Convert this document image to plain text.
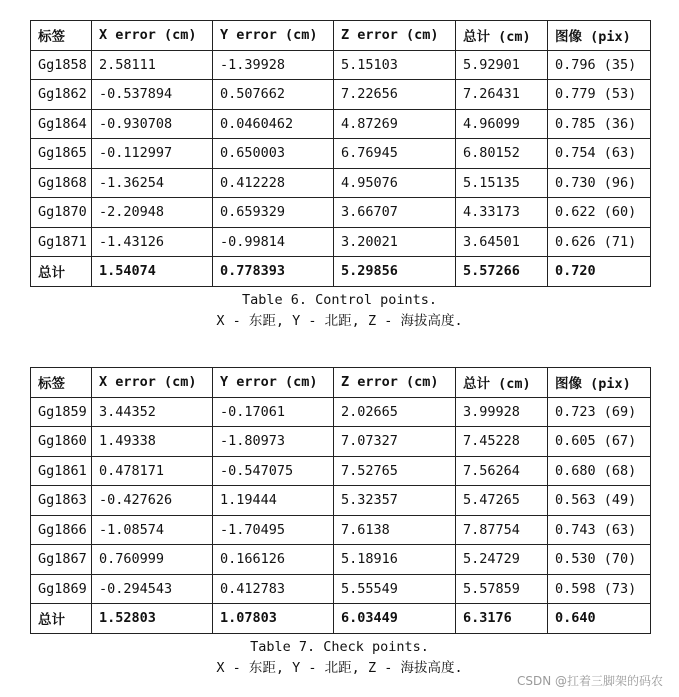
标签	X error (cm)	Y error (cm)	Z error (cm)	总计 (cm)	图像 (pix)
Gg1858	2.58111	-1.39928	5.15103	5.92901	0.796 (35)
Gg1862	-0.537894	0.507662	7.22656	7.26431	0.779 (53)
Gg1864	-0.930708	0.0460462	4.87269	4.96099	0.785 (36)
Gg1865	-0.112997	0.650003	6.76945	6.80152	0.754 (63)
Gg1868	-1.36254	0.412228	4.95076	5.15135	0.730 (96)
Gg1870	-2.20948	0.659329	3.66707	4.33173	0.622 (60)
Gg1871	-1.43126	-0.99814	3.20021	3.64501	0.626 (71)
总计	1.54074	0.778393	5.29856	5.57266	0.720
Table 6. Control points.
X - 东距, Y - 北距, Z - 海拔高度.
标签	X error (cm)	Y error (cm)	Z error (cm)	总计 (cm)	图像 (pix)
Gg1859	3.44352	-0.17061	2.02665	3.99928	0.723 (69)
Gg1860	1.49338	-1.80973	7.07327	7.45228	0.605 (67)
Gg1861	0.478171	-0.547075	7.52765	7.56264	0.680 (68)
Gg1863	-0.427626	1.19444	5.32357	5.47265	0.563 (49)
Gg1866	-1.08574	-1.70495	7.6138	7.87754	0.743 (63)
Gg1867	0.760999	0.166126	5.18916	5.24729	0.530 (70)
Gg1869	-0.294543	0.412783	5.55549	5.57859	0.598 (73)
总计	1.52803	1.07803	6.03449	6.3176	0.640
Table 7. Check points.
X - 东距, Y - 北距, Z - 海拔高度.
CSDN @扛着三脚架的码农
